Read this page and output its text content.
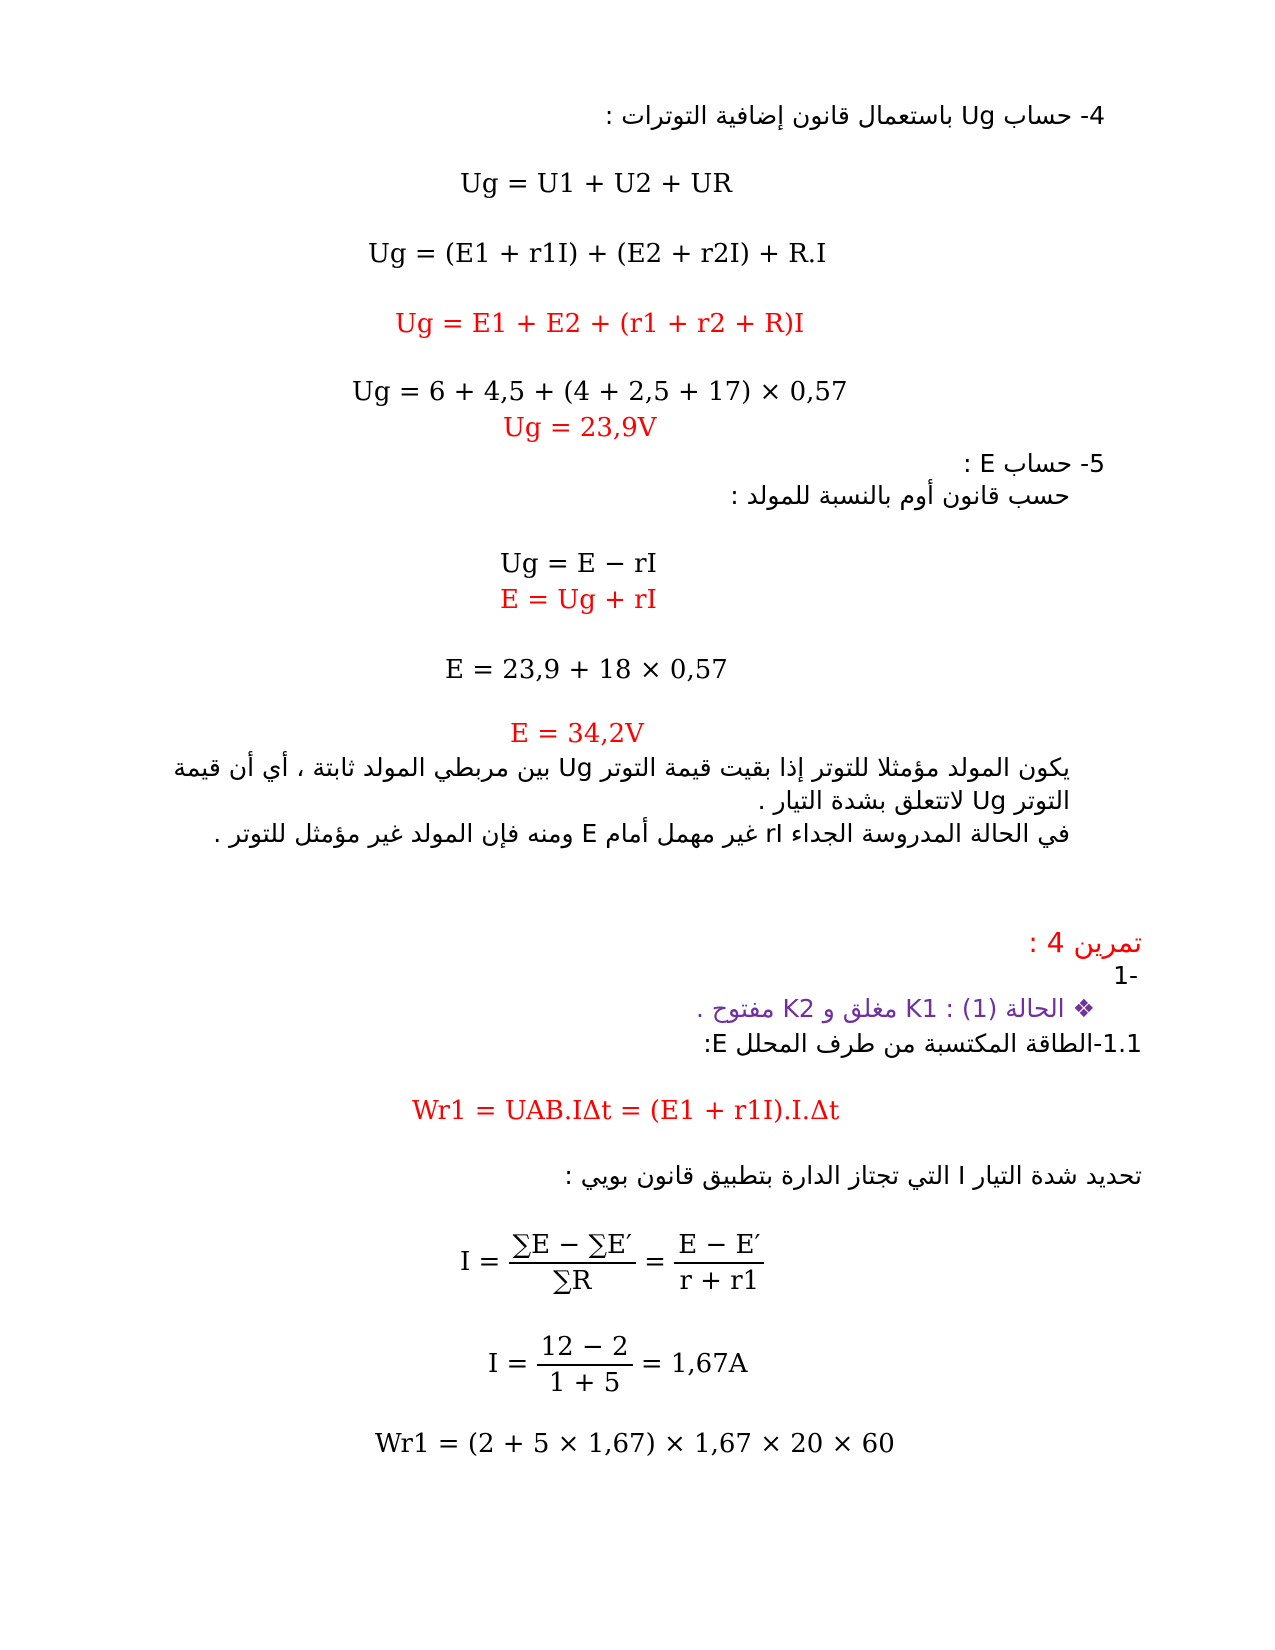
4- حساب Ug باستعمال قانون إضافية التوترات :
Ug = U1 + U2 + UR
Ug = (E1 + r1I) + (E2 + r2I) + R.I
Ug = E1 + E2 + (r1 + r2 + R)I
Ug = 6 + 4,5 + (4 + 2,5 + 17) × 0,57
Ug = 23,9V
5- حساب E :
حسب قانون أوم بالنسبة للمولد :
Ug = E − rI
E = Ug + rI
E = 23,9 + 18 × 0,57
E = 34,2V
يكون المولد مؤمثلا للتوتر إذا بقيت قيمة التوتر Ug بين مربطي المولد ثابتة ، أي أن قيمة
التوتر Ug لاتتعلق بشدة التيار .
في الحالة المدروسة الجداء rI غير مهمل أمام E ومنه فإن المولد غير مؤمثل للتوتر .
تمرين 4 :
-1
❖ الحالة (1) : K1 مغلق و K2 مفتوح .
1.1-الطاقة المكتسبة من طرف المحلل E:
Wr1 = UAB.IΔt = (E1 + r1I).I.Δt
تحديد شدة التيار I التي تجتاز الدارة بتطبيق قانون بويي :
$I = \frac{\sum E - \sum E'}{\sum R} = \frac{E - E'}{r + r1}$
$I = \frac{12 - 2}{1 + 5} = 1,67A$
Wr1 = (2 + 5 × 1,67) × 1,67 × 20 × 60
